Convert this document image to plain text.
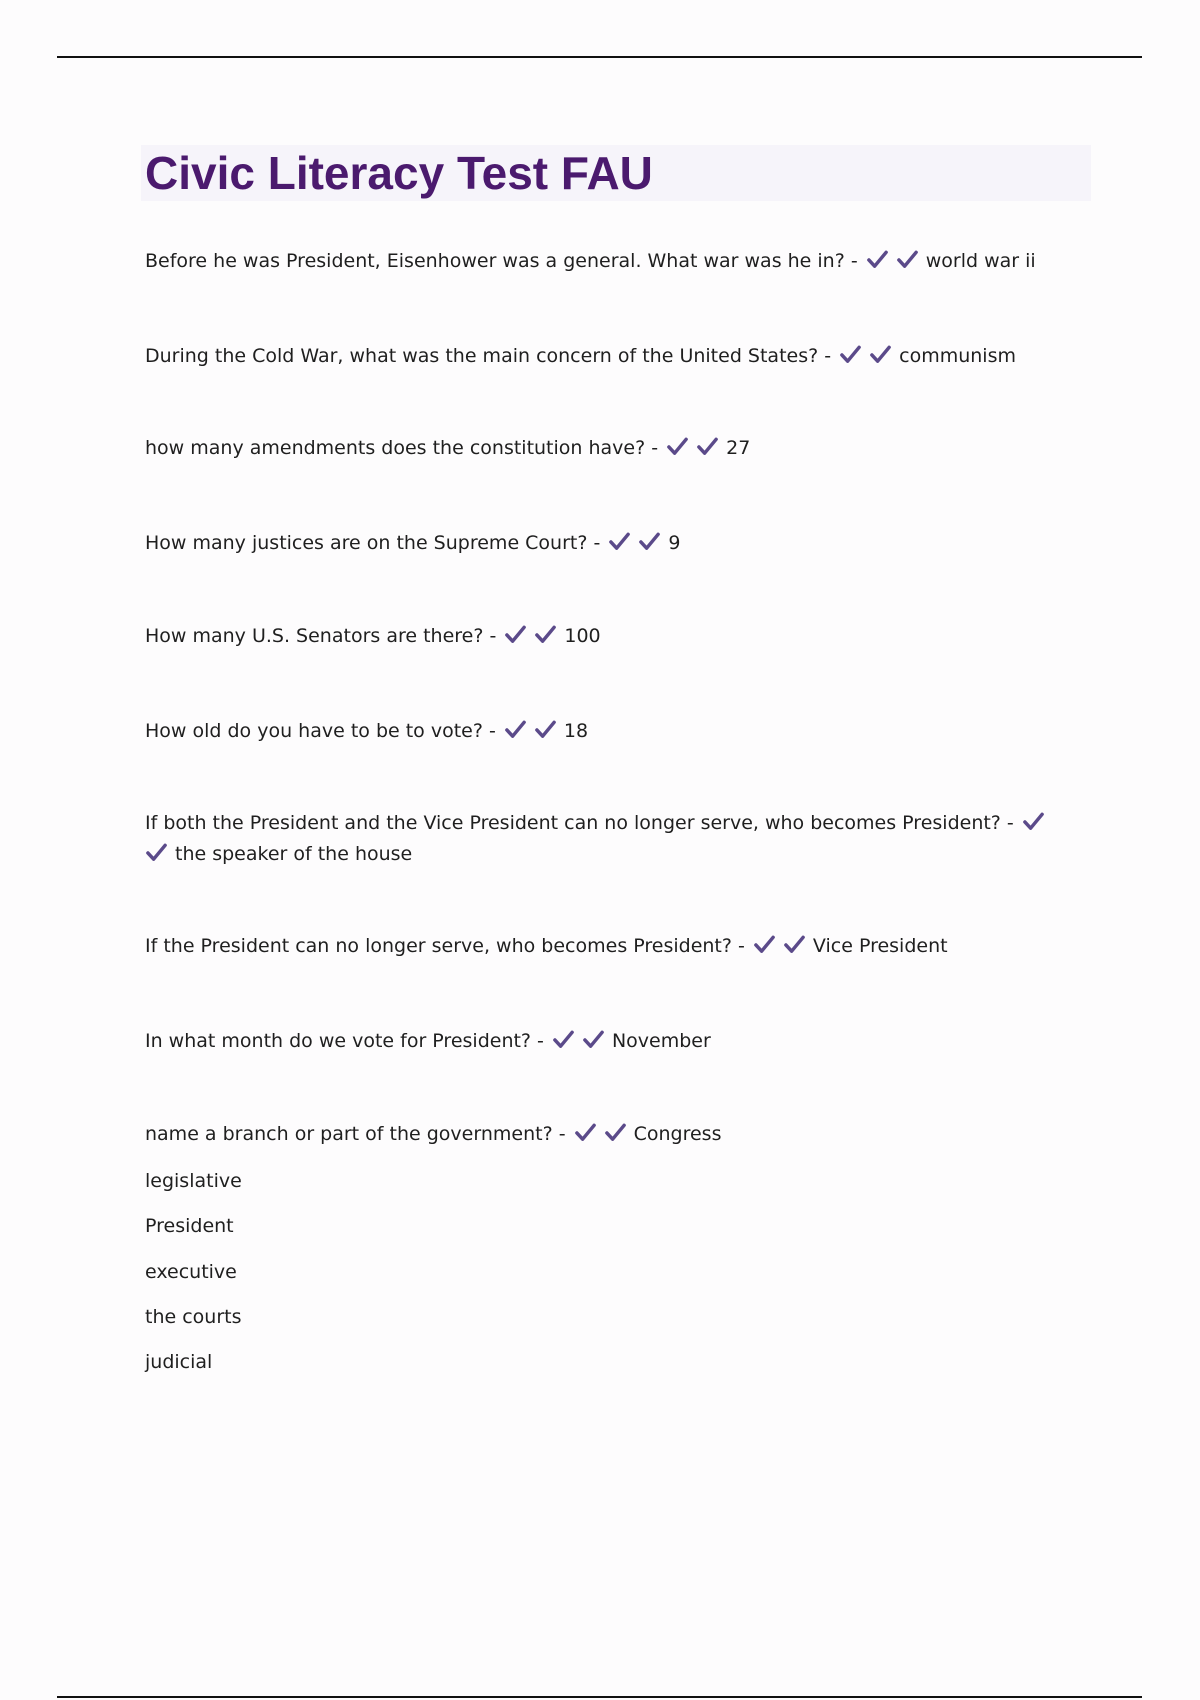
Civic Literacy Test FAU
Before he was President, Eisenhower was a general. What war was he in? -	world war ii
During the Cold War, what was the main concern of the United States? -	communism
how many amendments does the constitution have? -	27
How many justices are on the Supreme Court? -	9
How many U.S. Senators are there? -	100
How old do you have to be to vote? -	18
If both the President and the Vice President can no longer serve, who becomes President? -
the speaker of the house
If the President can no longer serve, who becomes President? -	Vice President
In what month do we vote for President? -	November
name a branch or part of the government? -	Congress
legislative
President
executive
the courts
judicial
